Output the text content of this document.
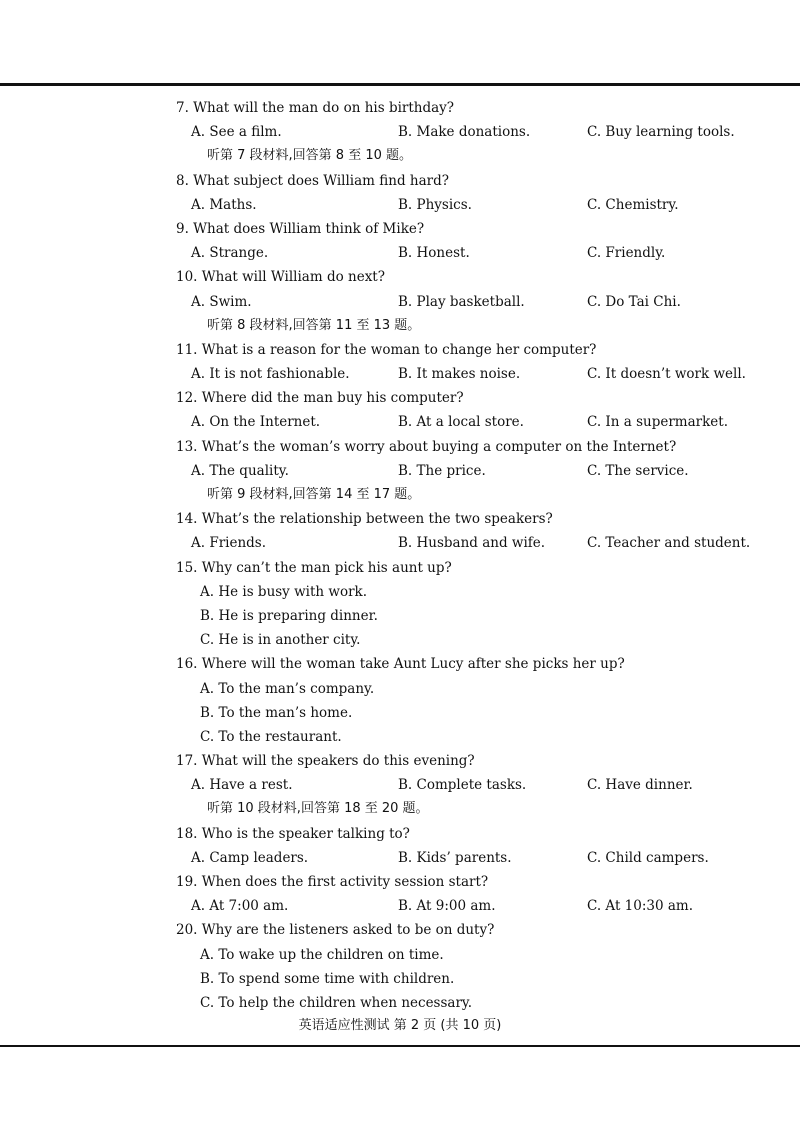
7. What will the man do on his birthday?
A. See a film.	B. Make donations.	C. Buy learning tools.
听第 7 段材料,回答第 8 至 10 题。
8. What subject does William find hard?
A. Maths.	B. Physics.	C. Chemistry.
9. What does William think of Mike?
A. Strange.	B. Honest.	C. Friendly.
10. What will William do next?
A. Swim.	B. Play basketball.	C. Do Tai Chi.
听第 8 段材料,回答第 11 至 13 题。
11. What is a reason for the woman to change her computer?
A. It is not fashionable.	B. It makes noise.	C. It doesn’t work well.
12. Where did the man buy his computer?
A. On the Internet.	B. At a local store.	C. In a supermarket.
13. What’s the woman’s worry about buying a computer on the Internet?
A. The quality.	B. The price.	C. The service.
听第 9 段材料,回答第 14 至 17 题。
14. What’s the relationship between the two speakers?
A. Friends.	B. Husband and wife.	C. Teacher and student.
15. Why can’t the man pick his aunt up?
A. He is busy with work.
B. He is preparing dinner.
C. He is in another city.
16. Where will the woman take Aunt Lucy after she picks her up?
A. To the man’s company.
B. To the man’s home.
C. To the restaurant.
17. What will the speakers do this evening?
A. Have a rest.	B. Complete tasks.	C. Have dinner.
听第 10 段材料,回答第 18 至 20 题。
18. Who is the speaker talking to?
A. Camp leaders.	B. Kids’ parents.	C. Child campers.
19. When does the first activity session start?
A. At 7:00 am.	B. At 9:00 am.	C. At 10:30 am.
20. Why are the listeners asked to be on duty?
A. To wake up the children on time.
B. To spend some time with children.
C. To help the children when necessary.
英语适应性测试 第 2 页 (共 10 页)
